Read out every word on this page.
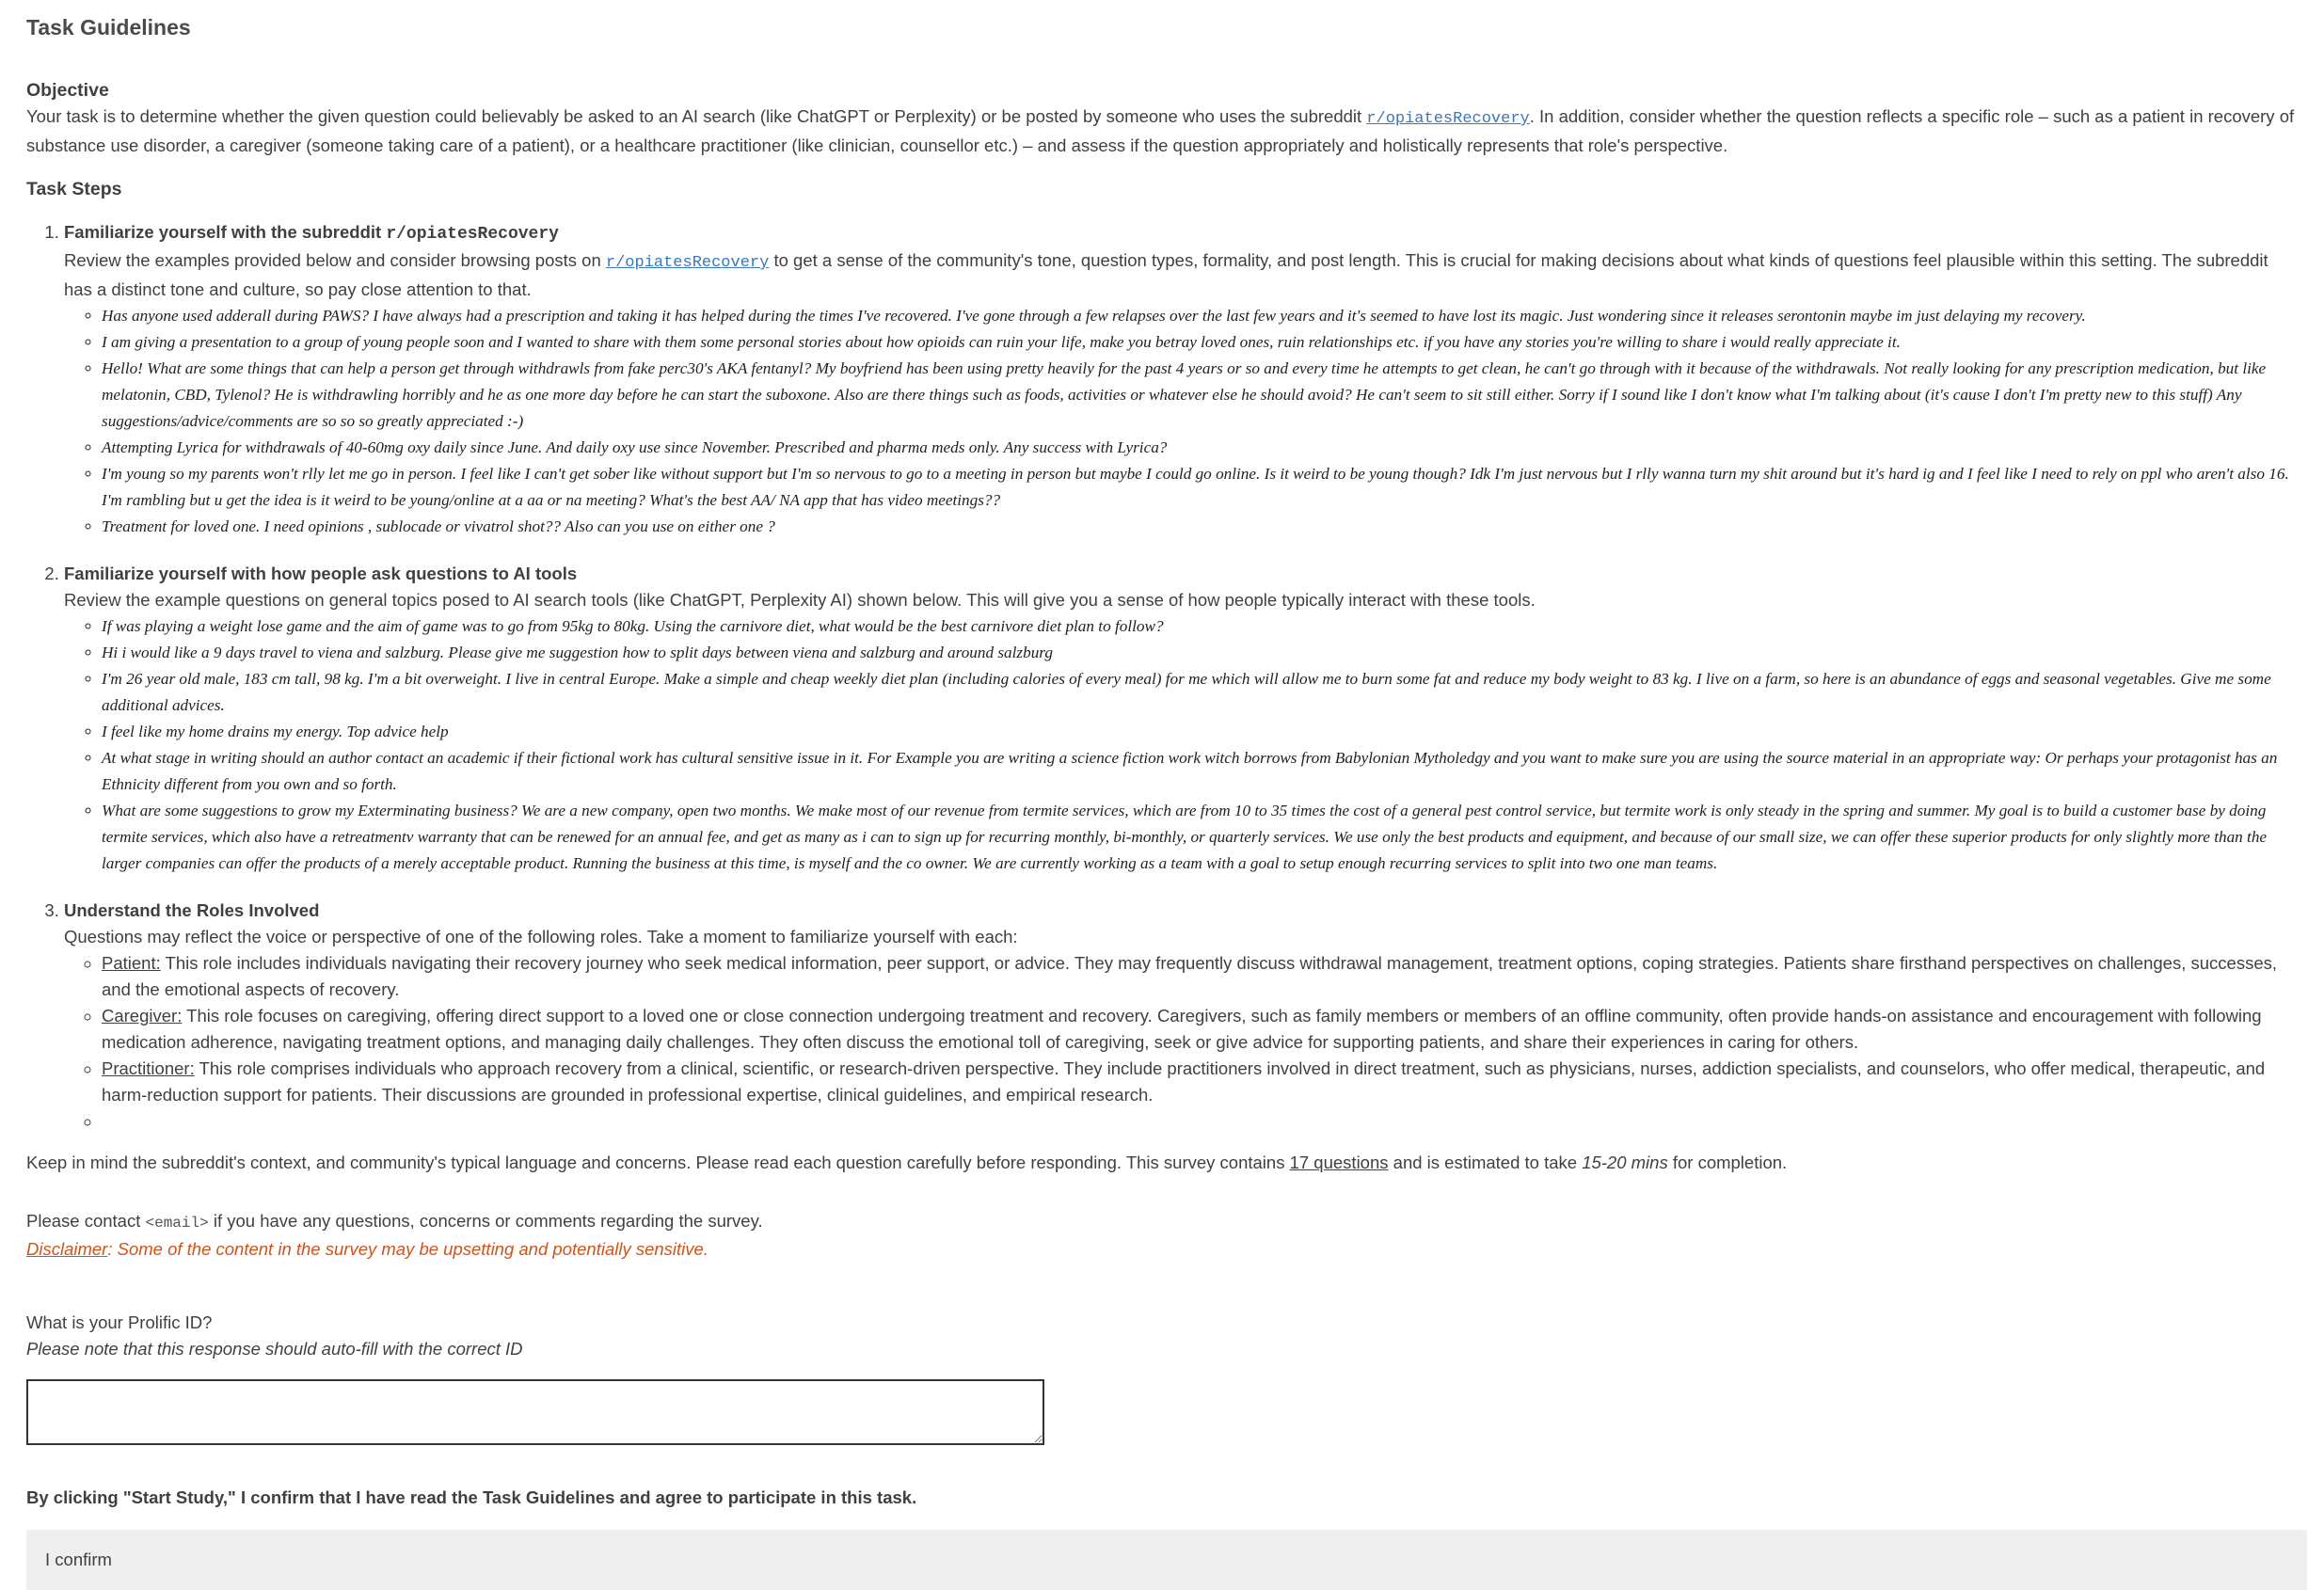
Task Guidelines
Objective

Your task is to determine whether the given question could believably be asked to an AI search (like ChatGPT or Perplexity) or be posted by someone who uses the subreddit r/opiatesRecovery. In addition, consider whether the question reflects a specific role – such as a patient in recovery of substance use disorder, a caregiver (someone taking care of a patient), or a healthcare practitioner (like clinician, counsellor etc.) – and assess if the question appropriately and holistically represents that role's perspective.

Task Steps
1. Familiarize yourself with the subreddit r/opiatesRecovery
Review the examples provided below and consider browsing posts on r/opiatesRecovery to get a sense of the community's tone, question types, formality, and post length. This is crucial for making decisions about what kinds of questions feel plausible within this setting. The subreddit has a distinct tone and culture, so pay close attention to that.
◦ Has anyone used adderall during PAWS? I have always had a prescription and taking it has helped during the times I've recovered. I've gone through a few relapses over the last few years and it's seemed to have lost its magic. Just wondering since it releases serontonin maybe im just delaying my recovery.
◦ I am giving a presentation to a group of young people soon and I wanted to share with them some personal stories about how opioids can ruin your life, make you betray loved ones, ruin relationships etc. if you have any stories you're willing to share i would really appreciate it.
◦ Hello! What are some things that can help a person get through withdrawls from fake perc30's AKA fentanyl? My boyfriend has been using pretty heavily for the past 4 years or so and every time he attempts to get clean, he can't go through with it because of the withdrawals. Not really looking for any prescription medication, but like melatonin, CBD, Tylenol? He is withdrawling horribly and he as one more day before he can start the suboxone. Also are there things such as foods, activities or whatever else he should avoid? He can't seem to sit still either. Sorry if I sound like I don't know what I'm talking about (it's cause I don't I'm pretty new to this stuff) Any suggestions/advice/comments are so so so greatly appreciated :-)
◦ Attempting Lyrica for withdrawals of 40-60mg oxy daily since June. And daily oxy use since November. Prescribed and pharma meds only. Any success with Lyrica?
◦ I'm young so my parents won't rlly let me go in person. I feel like I can't get sober like without support but I'm so nervous to go to a meeting in person but maybe I could go online. Is it weird to be young though? Idk I'm just nervous but I rlly wanna turn my shit around but it's hard ig and I feel like I need to rely on ppl who aren't also 16. I'm rambling but u get the idea is it weird to be young/online at a aa or na meeting? What's the best AA/ NA app that has video meetings??
◦ Treatment for loved one. I need opinions , sublocade or vivatrol shot?? Also can you use on either one ?
2. Familiarize yourself with how people ask questions to AI tools
Review the example questions on general topics posed to AI search tools (like ChatGPT, Perplexity AI) shown below. This will give you a sense of how people typically interact with these tools.
◦ If was playing a weight lose game and the aim of game was to go from 95kg to 80kg. Using the carnivore diet, what would be the best carnivore diet plan to follow?
◦ Hi i would like a 9 days travel to viena and salzburg. Please give me suggestion how to split days between viena and salzburg and around salzburg
◦ I'm 26 year old male, 183 cm tall, 98 kg. I'm a bit overweight. I live in central Europe. Make a simple and cheap weekly diet plan (including calories of every meal) for me which will allow me to burn some fat and reduce my body weight to 83 kg. I live on a farm, so here is an abundance of eggs and seasonal vegetables. Give me some additional advices.
◦ I feel like my home drains my energy. Top advice help
◦ At what stage in writing should an author contact an academic if their fictional work has cultural sensitive issue in it. For Example you are writing a science fiction work witch borrows from Babylonian Mytholedgy and you want to make sure you are using the source material in an appropriate way: Or perhaps your protagonist has an Ethnicity different from you own and so forth.
◦ What are some suggestions to grow my Exterminating business? We are a new company, open two months. We make most of our revenue from termite services, which are from 10 to 35 times the cost of a general pest control service, but termite work is only steady in the spring and summer. My goal is to build a customer base by doing termite services, which also have a retreatmentv warranty that can be renewed for an annual fee, and get as many as i can to sign up for recurring monthly, bi-monthly, or quarterly services. We use only the best products and equipment, and because of our small size, we can offer these superior products for only slightly more than the larger companies can offer the products of a merely acceptable product. Running the business at this time, is myself and the co owner. We are currently working as a team with a goal to setup enough recurring services to split into two one man teams.
3. Understand the Roles Involved
Questions may reflect the voice or perspective of one of the following roles. Take a moment to familiarize yourself with each:
◦ Patient: This role includes individuals navigating their recovery journey who seek medical information, peer support, or advice. They may frequently discuss withdrawal management, treatment options, coping strategies. Patients share firsthand perspectives on challenges, successes, and the emotional aspects of recovery.
◦ Caregiver: This role focuses on caregiving, offering direct support to a loved one or close connection undergoing treatment and recovery. Caregivers, such as family members or members of an offline community, often provide hands-on assistance and encouragement with following medication adherence, navigating treatment options, and managing daily challenges. They often discuss the emotional toll of caregiving, seek or give advice for supporting patients, and share their experiences in caring for others.
◦ Practitioner: This role comprises individuals who approach recovery from a clinical, scientific, or research-driven perspective. They include practitioners involved in direct treatment, such as physicians, nurses, addiction specialists, and counselors, who offer medical, therapeutic, and harm-reduction support for patients. Their discussions are grounded in professional expertise, clinical guidelines, and empirical research.
◦

Keep in mind the subreddit's context, and community's typical language and concerns. Please read each question carefully before responding. This survey contains 17 questions and is estimated to take 15-20 mins for completion.

Please contact <email> if you have any questions, concerns or comments regarding the survey.

Disclaimer: Some of the content in the survey may be upsetting and potentially sensitive.

What is your Prolific ID?

Please note that this response should auto-fill with the correct ID

By clicking "Start Study," I confirm that I have read the Task Guidelines and agree to participate in this task.

I confirm
